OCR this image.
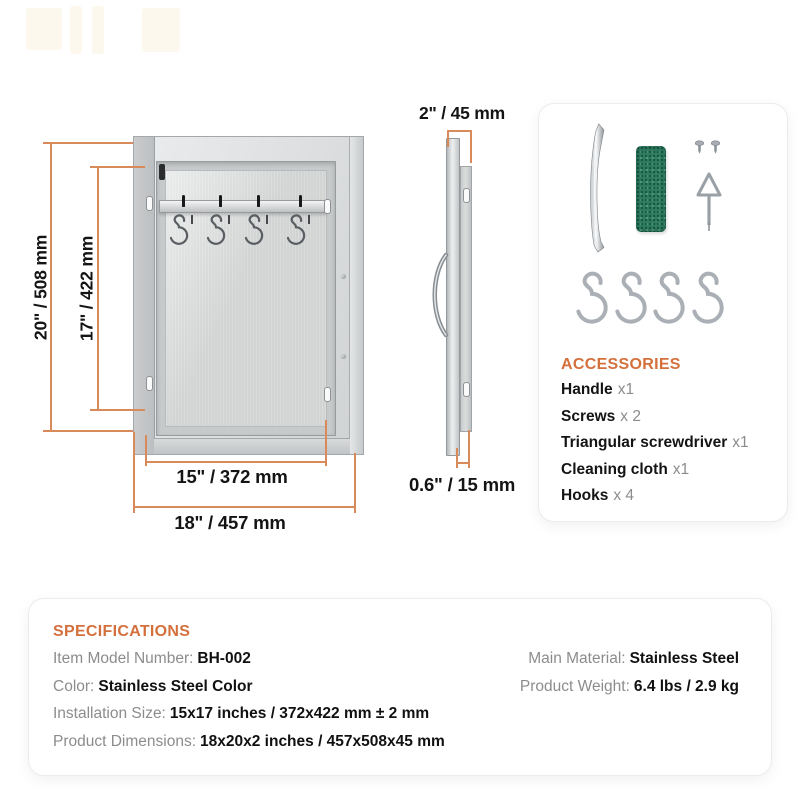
20" / 508 mm 17" / 422 mm
15" / 372 mm
18" / 457 mm
2" / 45 mm
0.6" / 15 mm
ACCESSORIES
Handle x1
Screws x 2
Triangular screwdriver x1
Cleaning cloth x1
Hooks x 4
SPECIFICATIONS
Item Model Number: BH-002
Color: Stainless Steel Color
Installation Size: 15x17 inches / 372x422 mm ± 2 mm
Product Dimensions: 18x20x2 inches / 457x508x45 mm
Main Material: Stainless Steel
Product Weight: 6.4 lbs / 2.9 kg
